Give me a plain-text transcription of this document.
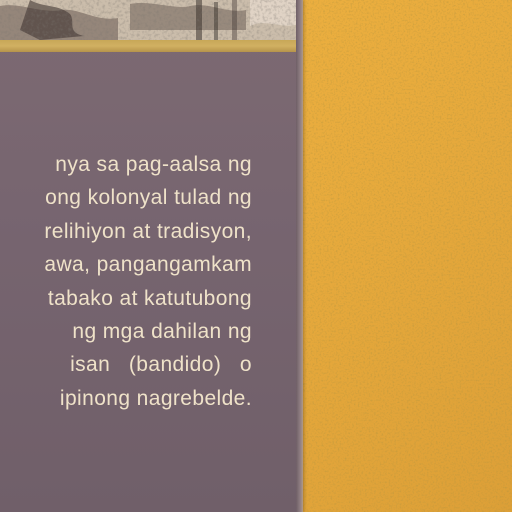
nya sa pag-aalsa ng
ong kolonyal tulad ng
relihiyon at tradisyon,
awa, pangangamkam
tabako at katutubong
ng mga dahilan ng
isan   (bandido)   o
ipinong nagrebelde.
